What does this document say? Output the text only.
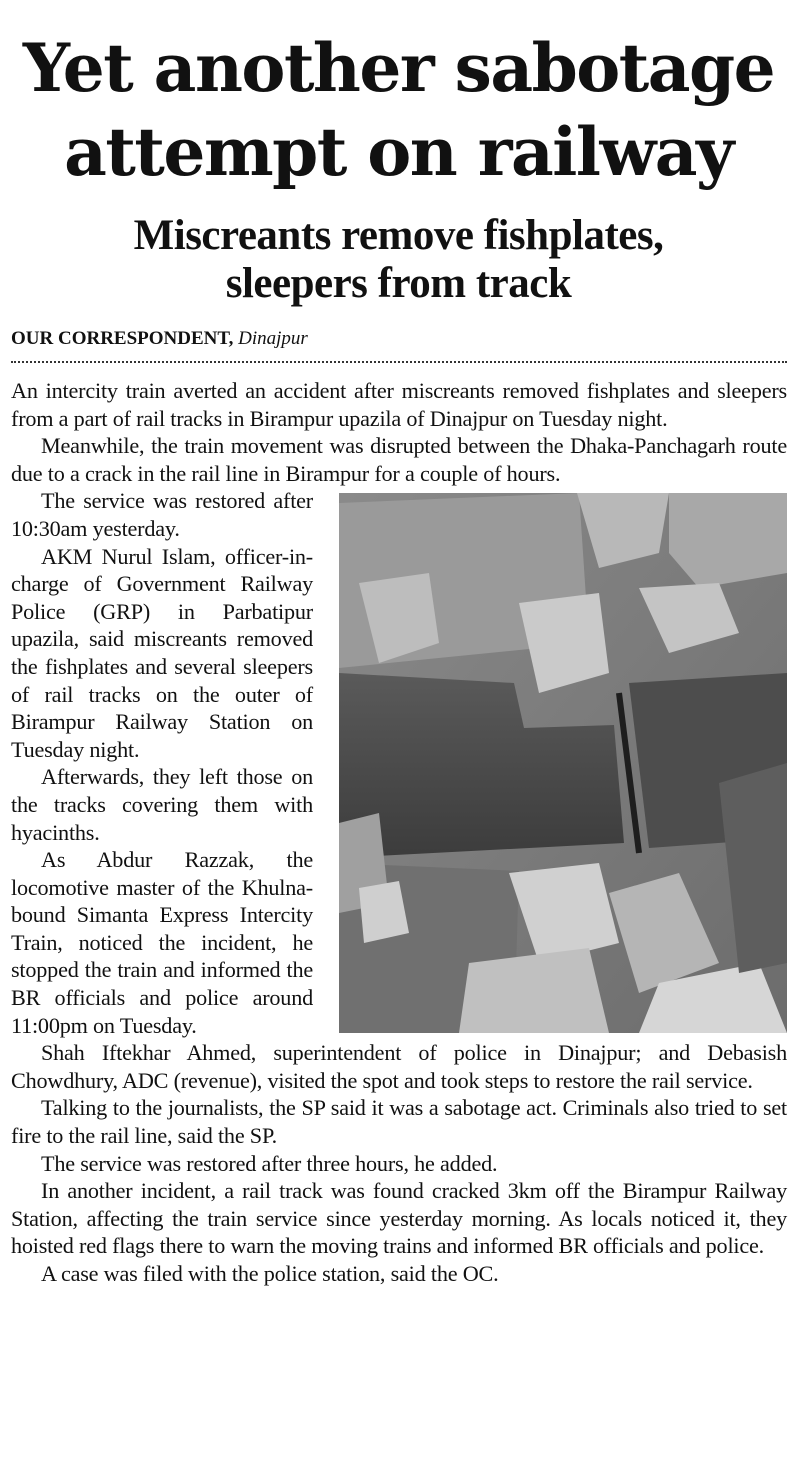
Yet another sabotage
attempt on railway
Miscreants remove fishplates,
sleepers from track
OUR CORRESPONDENT, Dinajpur

An intercity train averted an accident after miscreants removed fishplates and sleepers from a part of rail tracks in Birampur upazila of Dinajpur on Tuesday night.

Meanwhile, the train movement was disrupted between the Dhaka-Panchagarh route due to a crack in the rail line in Birampur for a couple of hours.

The service was restored after 10:30am yesterday.

AKM Nurul Islam, officer-in-charge of Government Railway Police (GRP) in Parbatipur upazila, said miscreants removed the fishplates and several sleepers of rail tracks on the outer of Birampur Railway Station on Tuesday night.

Afterwards, they left those on the tracks covering them with hyacinths.

As Abdur Razzak, the locomotive master of the Khulna-bound Simanta Express Intercity Train, noticed the incident, he stopped the train and informed the BR officials and police around 11:00pm on Tuesday.

Shah Iftekhar Ahmed, superintendent of police in Dinajpur; and Debasish Chowdhury, ADC (revenue), visited the spot and took steps to restore the rail service.

Talking to the journalists, the SP said it was a sabotage act. Criminals also tried to set fire to the rail line, said the SP.

The service was restored after three hours, he added.

In another incident, a rail track was found cracked 3km off the Birampur Railway Station, affecting the train service since yesterday morning. As locals noticed it, they hoisted red flags there to warn the moving trains and informed BR officials and police.

A case was filed with the police station, said the OC.
